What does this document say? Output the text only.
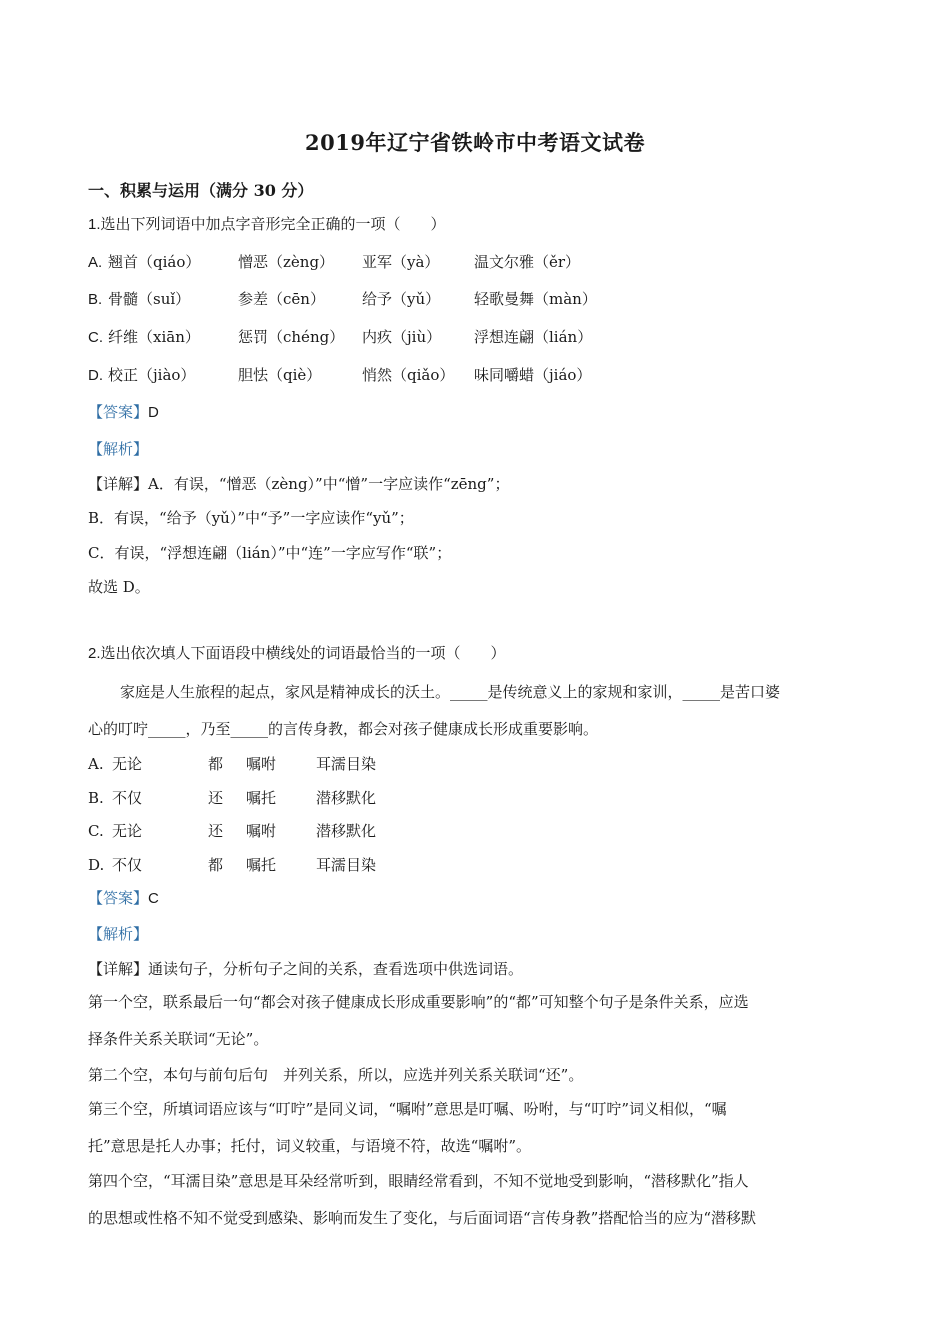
2019年辽宁省铁岭市中考语文试卷
一、积累与运用（满分 30 分）
1.选出下列词语中加点字音形完全正确的一项（　　）
A. 翘首（qiáo）	憎恶（zèng） 亚军（yà） 温文尔雅（ěr）
B. 骨髓（suǐ）	参差（cēn） 给予（yǔ） 轻歌曼舞（màn）
C. 纤维（xiān）	惩罚（chéng） 内疚（jiù） 浮想连翩（lián）
D. 校正（jiào）	胆怯（qiè）	悄然（qiǎo） 味同嚼蜡（jiáo）
【答案】D
【解析】
【详解】A．有误，“憎恶（zèng）”中“憎”一字应读作“zēng”；
B．有误，“给予（yǔ）”中“予”一字应读作“yǔ”；
C．有误，“浮想连翩（lián）”中“连”一字应写作“联”；
故选 D。
2.选出依次填人下面语段中横线处的词语最恰当的一项（　　）
家庭是人生旅程的起点，家风是精神成长的沃土。_____是传统意义上的家规和家训，_____是苦口婆
心的叮咛_____，乃至_____的言传身教，都会对孩子健康成长形成重要影响。
A. 无论	都 嘱咐	耳濡目染
B. 不仅	还 嘱托	潜移默化
C. 无论	还 嘱咐	潜移默化
D. 不仅	都 嘱托	耳濡目染
【答案】C
【解析】
【详解】通读句子，分析句子之间的关系，查看选项中供选词语。
第一个空，联系最后一句“都会对孩子健康成长形成重要影响”的“都”可知整个句子是条件关系，应选
择条件关系关联词“无论”。
第二个空，本句与前句后句　并列关系，所以，应选并列关系关联词“还”。
第三个空，所填词语应该与“叮咛”是同义词，“嘱咐”意思是叮嘱、吩咐，与“叮咛”词义相似，“嘱
托”意思是托人办事；托付，词义较重，与语境不符，故选“嘱咐”。
第四个空，“耳濡目染”意思是耳朵经常听到，眼睛经常看到，不知不觉地受到影响，“潜移默化”指人
的思想或性格不知不觉受到感染、影响而发生了变化，与后面词语“言传身教”搭配恰当的应为“潜移默
